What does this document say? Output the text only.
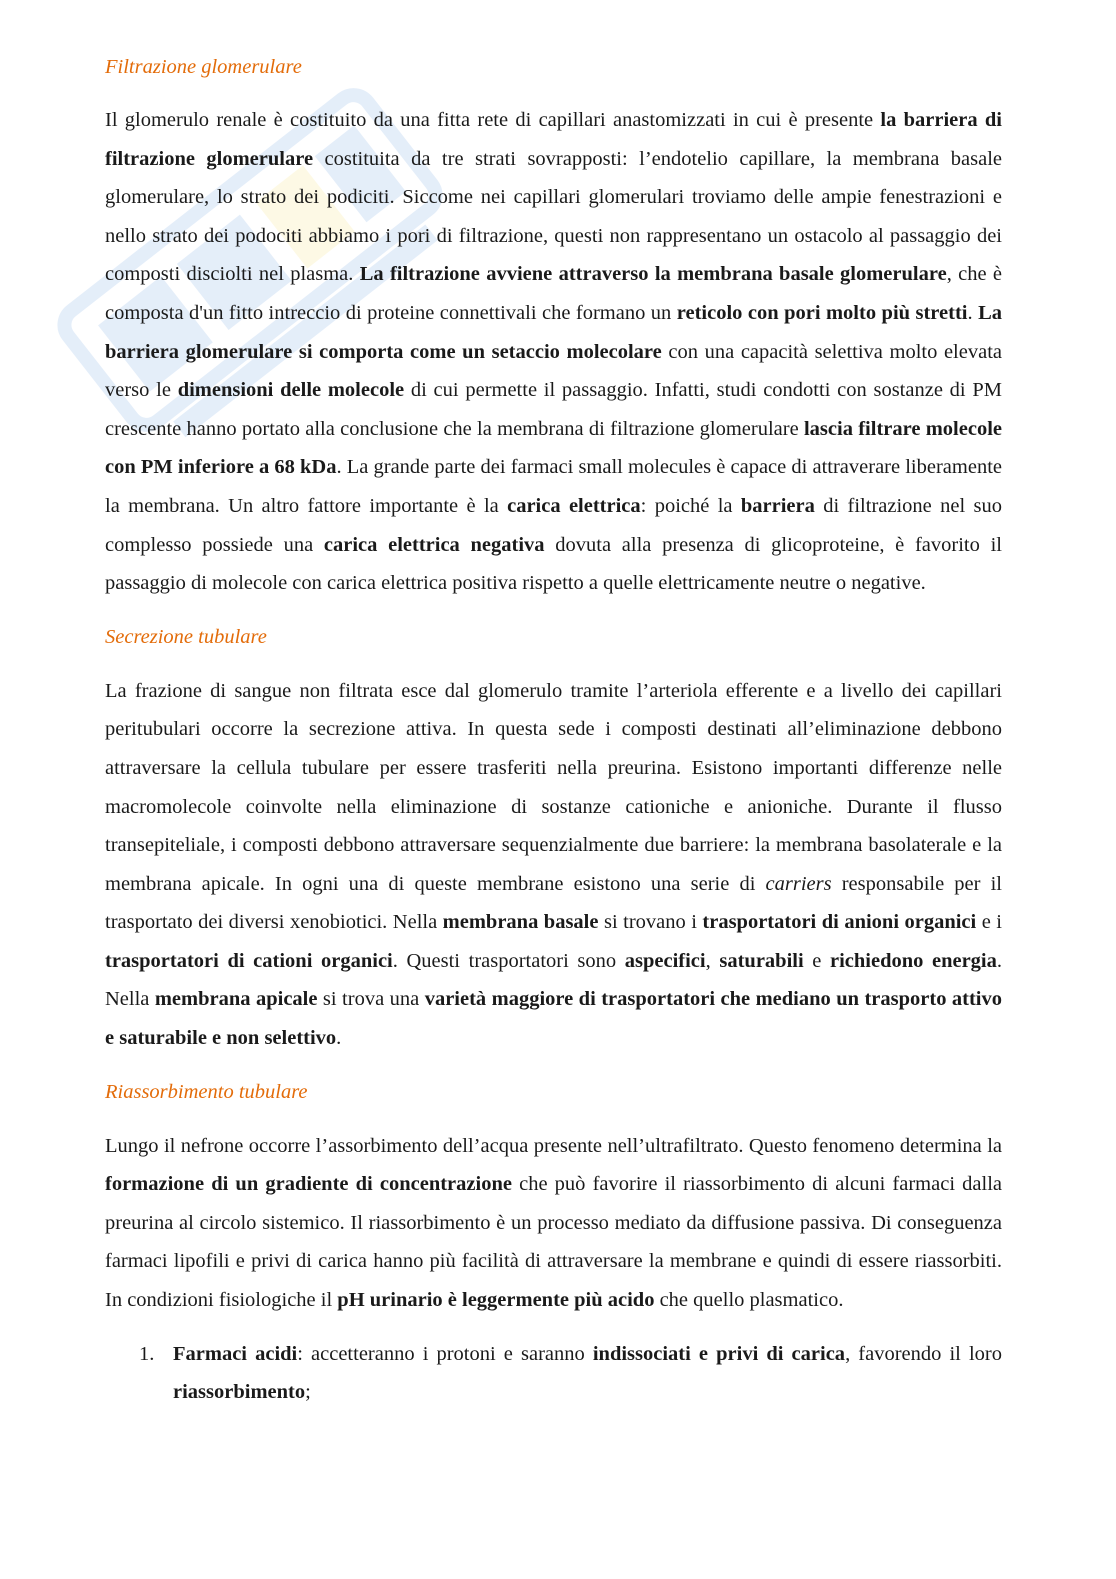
Filtrazione glomerulare

Il glomerulo renale è costituito da una fitta rete di capillari anastomizzati in cui è presente la barriera di filtrazione glomerulare costituita da tre strati sovrapposti: l’endotelio capillare, la membrana basale glomerulare, lo strato dei podiciti. Siccome nei capillari glomerulari troviamo delle ampie fenestrazioni e nello strato dei podociti abbiamo i pori di filtrazione, questi non rappresentano un ostacolo al passaggio dei composti disciolti nel plasma. La filtrazione avviene attraverso la membrana basale glomerulare, che è composta d'un fitto intreccio di proteine connettivali che formano un reticolo con pori molto più stretti. La barriera glomerulare si comporta come un setaccio molecolare con una capacità selettiva molto elevata verso le dimensioni delle molecole di cui permette il passaggio. Infatti, studi condotti con sostanze di PM crescente hanno portato alla conclusione che la membrana di filtrazione glomerulare lascia filtrare molecole con PM inferiore a 68 kDa. La grande parte dei farmaci small molecules è capace di attraverare liberamente la membrana. Un altro fattore importante è la carica elettrica: poiché la barriera di filtrazione nel suo complesso possiede una carica elettrica negativa dovuta alla presenza di glicoproteine, è favorito il passaggio di molecole con carica elettrica positiva rispetto a quelle elettricamente neutre o negative.

Secrezione tubulare

La frazione di sangue non filtrata esce dal glomerulo tramite l’arteriola efferente e a livello dei capillari peritubulari occorre la secrezione attiva. In questa sede i composti destinati all’eliminazione debbono attraversare la cellula tubulare per essere trasferiti nella preurina. Esistono importanti differenze nelle macromolecole coinvolte nella eliminazione di sostanze cationiche e anioniche. Durante il flusso transepiteliale, i composti debbono attraversare sequenzialmente due barriere: la membrana basolaterale e la membrana apicale. In ogni una di queste membrane esistono una serie di carriers responsabile per il trasportato dei diversi xenobiotici. Nella membrana basale si trovano i trasportatori di anioni organici e i trasportatori di cationi organici. Questi trasportatori sono aspecifici, saturabili e richiedono energia. Nella membrana apicale si trova una varietà maggiore di trasportatori che mediano un trasporto attivo e saturabile e non selettivo.

Riassorbimento tubulare

Lungo il nefrone occorre l’assorbimento dell’acqua presente nell’ultrafiltrato. Questo fenomeno determina la formazione di un gradiente di concentrazione che può favorire il riassorbimento di alcuni farmaci dalla preurina al circolo sistemico. Il riassorbimento è un processo mediato da diffusione passiva. Di conseguenza farmaci lipofili e privi di carica hanno più facilità di attraversare la membrane e quindi di essere riassorbiti. In condizioni fisiologiche il pH urinario è leggermente più acido che quello plasmatico.

1. Farmaci acidi: accetteranno i protoni e saranno indissociati e privi di carica, favorendo il loro riassorbimento;
